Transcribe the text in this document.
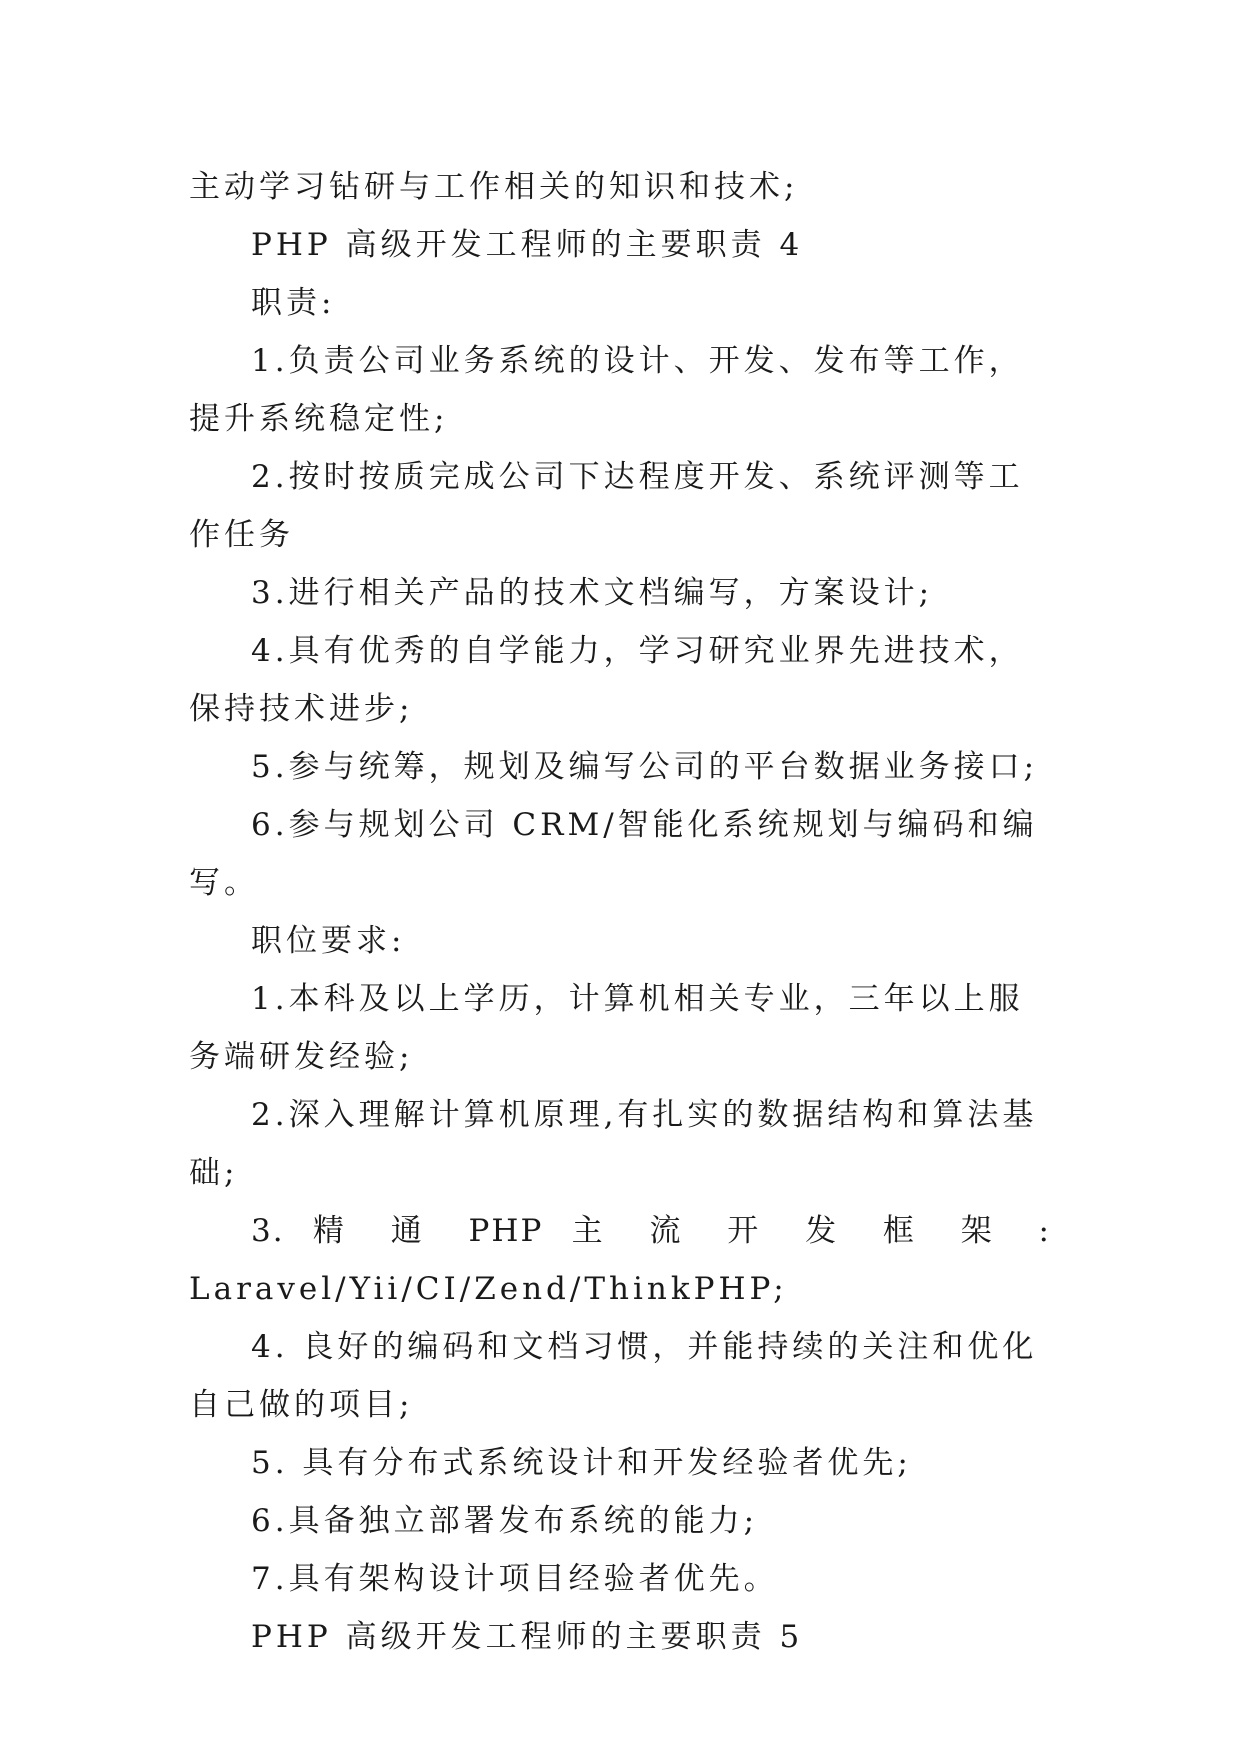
主动学习钻研与工作相关的知识和技术;

PHP 高级开发工程师的主要职责 4

职责:

1.负责公司业务系统的设计、开发、发布等工作，提升系统稳定性;

2.按时按质完成公司下达程度开发、系统评测等工作任务

3.进行相关产品的技术文档编写，方案设计;

4.具有优秀的自学能力，学习研究业界先进技术，保持技术进步;

5.参与统筹，规划及编写公司的平台数据业务接口;

6.参与规划公司 CRM/智能化系统规划与编码和编写。

职位要求:

1.本科及以上学历，计算机相关专业，三年以上服务端研发经验;

2.深入理解计算机原理,有扎实的数据结构和算法基础;

3. 精 通 PHP 主 流 开 发 框 架 :

Laravel/Yii/CI/Zend/ThinkPHP;

4. 良好的编码和文档习惯，并能持续的关注和优化自己做的项目;

5. 具有分布式系统设计和开发经验者优先;

6.具备独立部署发布系统的能力;

7.具有架构设计项目经验者优先。

PHP 高级开发工程师的主要职责 5
